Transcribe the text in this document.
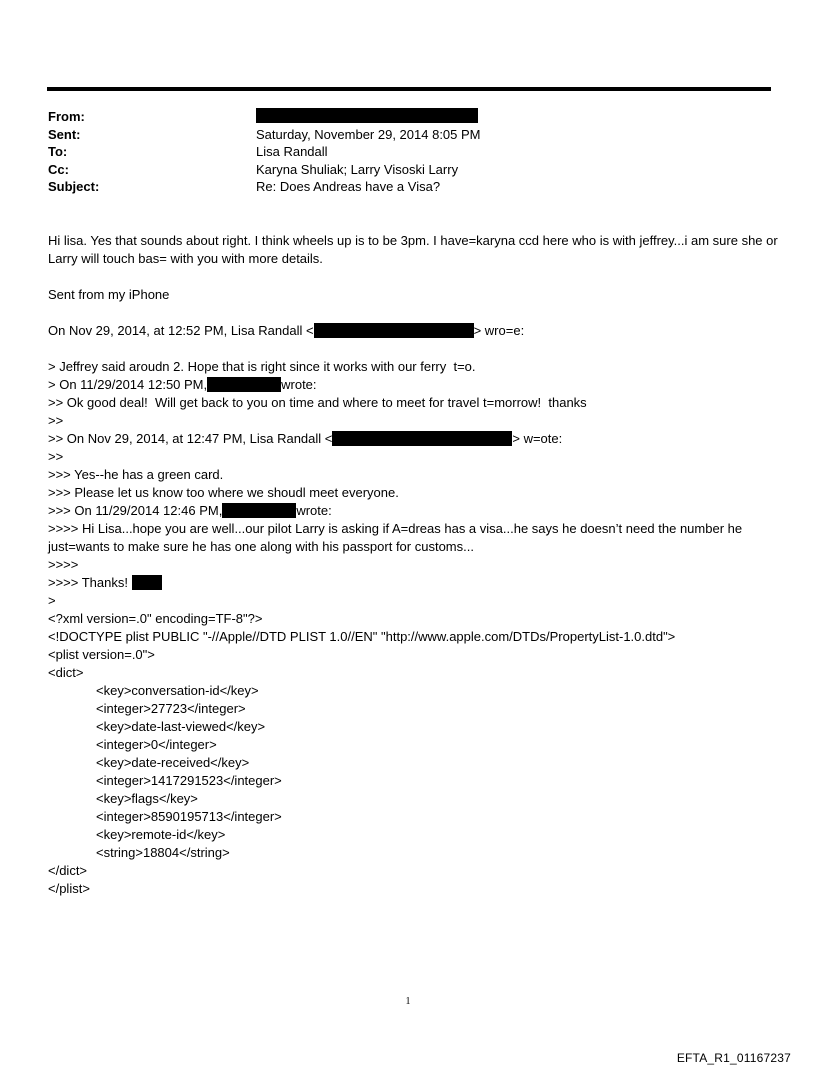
From:
Sent:	Saturday, November 29, 2014 8:05 PM
To:	Lisa Randall
Cc:	Karyna Shuliak; Larry Visoski Larry
Subject:	Re: Does Andreas have a Visa?

Hi lisa. Yes that sounds about right. I think wheels up is to be 3pm. I have=karyna ccd here who is with jeffrey...i am sure she or Larry will touch bas= with you with more details.

Sent from my iPhone

On Nov 29, 2014, at 12:52 PM, Lisa Randall <	> wro=e:

> Jeffrey said aroudn 2. Hope that is right since it works with our ferry  t=o.

> On 11/29/2014 12:50 PM,	wrote:

>> Ok good deal!  Will get back to you on time and where to meet for travel t=morrow!  thanks

>>

>> On Nov 29, 2014, at 12:47 PM, Lisa Randall <	> w=ote:

>>

>>> Yes--he has a green card.

>>> Please let us know too where we shoudl meet everyone.

>>> On 11/29/2014 12:46 PM,	wrote:

>>>> Hi Lisa...hope you are well...our pilot Larry is asking if A=dreas has a visa...he says he doesn’t need the number he just=wants to make sure he has one along with his passport for customs...

>>>>

>>>> Thanks!

>

<?xml version=.0" encoding=TF-8"?>

<!DOCTYPE plist PUBLIC "-//Apple//DTD PLIST 1.0//EN" "http://www.apple.com/DTDs/PropertyList-1.0.dtd">

<plist version=.0">

<dict>

<key>conversation-id</key>

<integer>27723</integer>

<key>date-last-viewed</key>

<integer>0</integer>

<key>date-received</key>

<integer>1417291523</integer>

<key>flags</key>

<integer>8590195713</integer>

<key>remote-id</key>

<string>18804</string>

</dict>

</plist>

1
EFTA_R1_01167237
